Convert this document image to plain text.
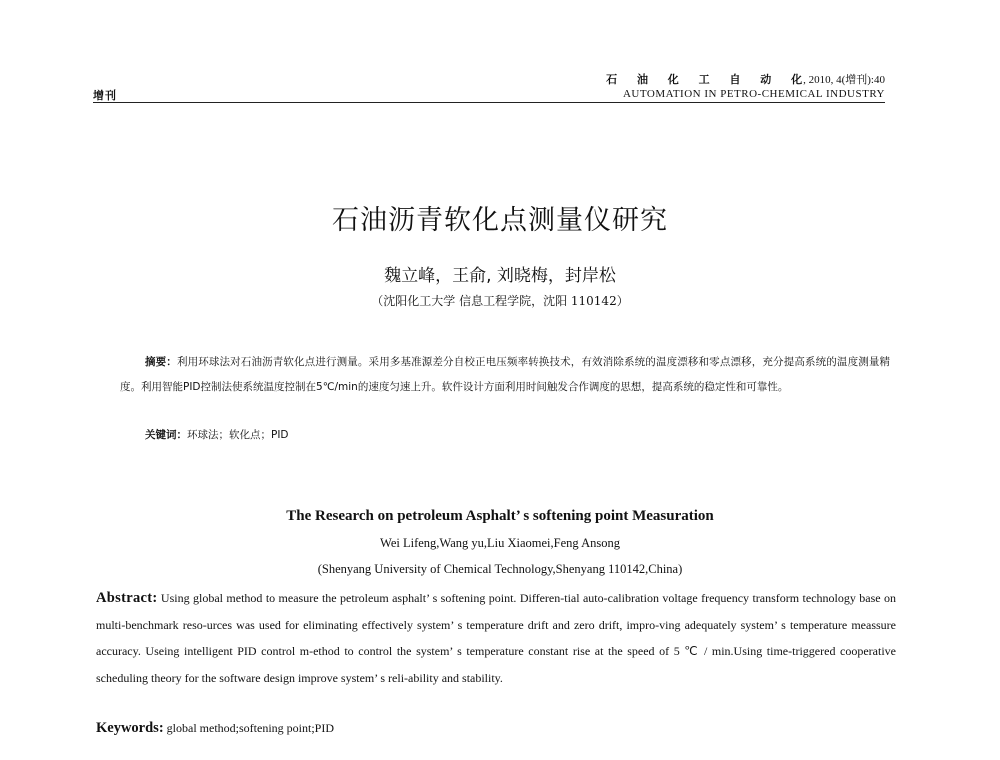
增刊
石 油 化 工 自 动 化, 2010, 4(增刊):40
AUTOMATION IN PETRO-CHEMICAL INDUSTRY
石油沥青软化点测量仪研究
魏立峰，王俞, 刘晓梅，封岸松
（沈阳化工大学 信息工程学院，沈阳 110142）
摘要：利用环球法对石油沥青软化点进行测量。采用多基准源差分自校正电压频率转换技术，有效消除系统的温度漂移和零点漂移，充分提高系统的温度测量精度。利用智能PID控制法使系统温度控制在5℃/min的速度匀速上升。软件设计方面利用时间触发合作调度的思想，提高系统的稳定性和可靠性。
关键词：环球法；软化点；PID
The Research on petroleum Asphalt’ s softening point Measuration
Wei Lifeng,Wang yu,Liu Xiaomei,Feng Ansong
(Shenyang University of Chemical Technology,Shenyang 110142,China)
Abstract: Using global method to measure the petroleum asphalt’ s softening point. Differen-tial auto-calibration voltage frequency transform technology base on multi-benchmark reso-urces was used for eliminating effectively system’ s temperature drift and zero drift, impro-ving adequately system’ s temperature meassure accuracy. Useing intelligent PID control m-ethod to control the system’ s temperature constant rise at the speed of 5 ℃ / min.Using time-triggered cooperative scheduling theory for the software design improve system’ s reli-ability and stability.
Keywords: global method;softening point;PID
